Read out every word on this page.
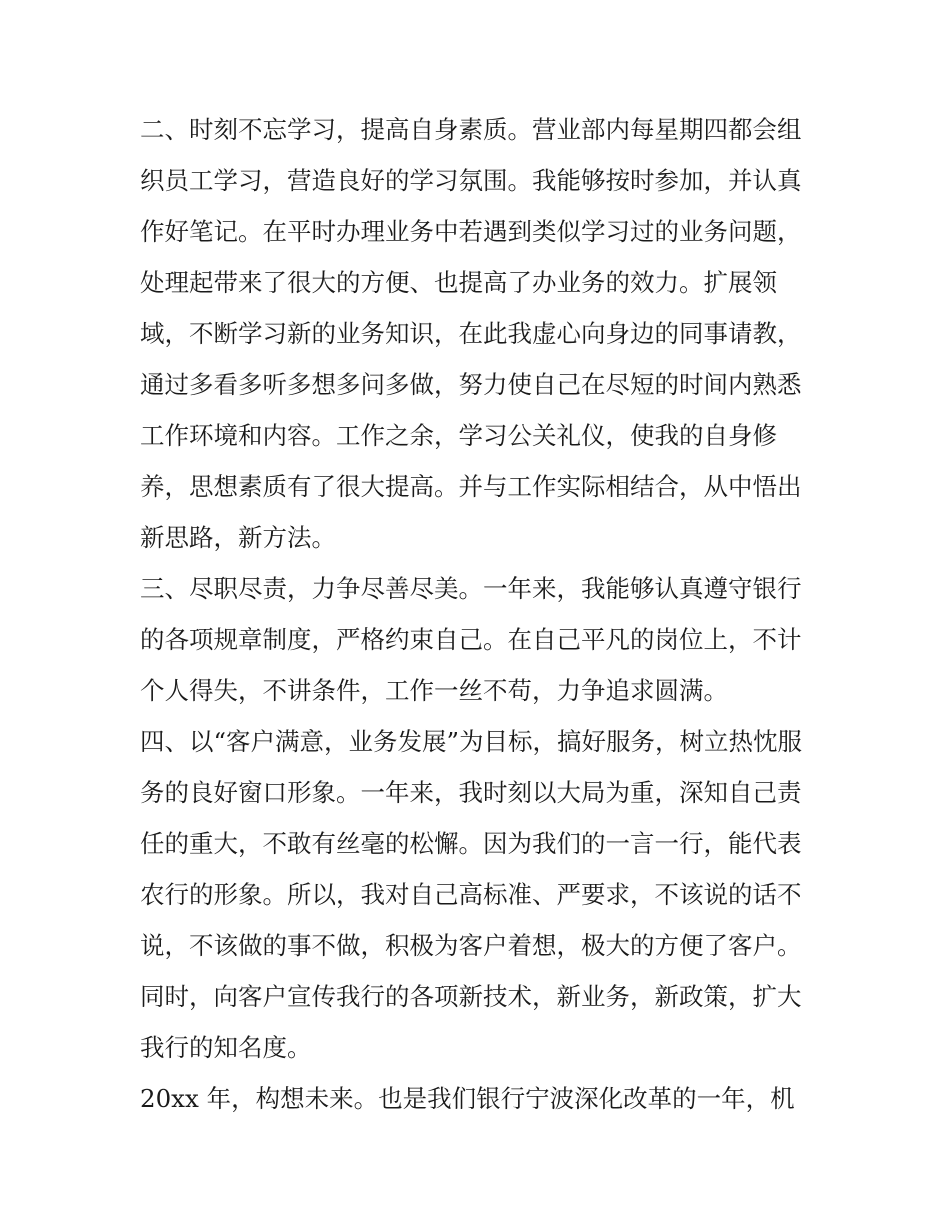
二、时刻不忘学习，提高自身素质。营业部内每星期四都会组
织员工学习，营造良好的学习氛围。我能够按时参加，并认真
作好笔记。在平时办理业务中若遇到类似学习过的业务问题，
处理起带来了很大的方便、也提高了办业务的效力。扩展领
域，不断学习新的业务知识，在此我虚心向身边的同事请教，
通过多看多听多想多问多做，努力使自己在尽短的时间内熟悉
工作环境和内容。工作之余，学习公关礼仪，使我的自身修
养，思想素质有了很大提高。并与工作实际相结合，从中悟出
新思路，新方法。

三、尽职尽责，力争尽善尽美。一年来，我能够认真遵守银行
的各项规章制度，严格约束自己。在自己平凡的岗位上，不计
个人得失，不讲条件，工作一丝不苟，力争追求圆满。

四、以“客户满意，业务发展”为目标，搞好服务，树立热忱服
务的良好窗口形象。一年来，我时刻以大局为重，深知自己责
任的重大，不敢有丝毫的松懈。因为我们的一言一行，能代表
农行的形象。所以，我对自己高标准、严要求，不该说的话不
说，不该做的事不做，积极为客户着想，极大的方便了客户。
同时，向客户宣传我行的各项新技术，新业务，新政策，扩大
我行的知名度。

20xx 年，构想未来。也是我们银行宁波深化改革的一年，机
